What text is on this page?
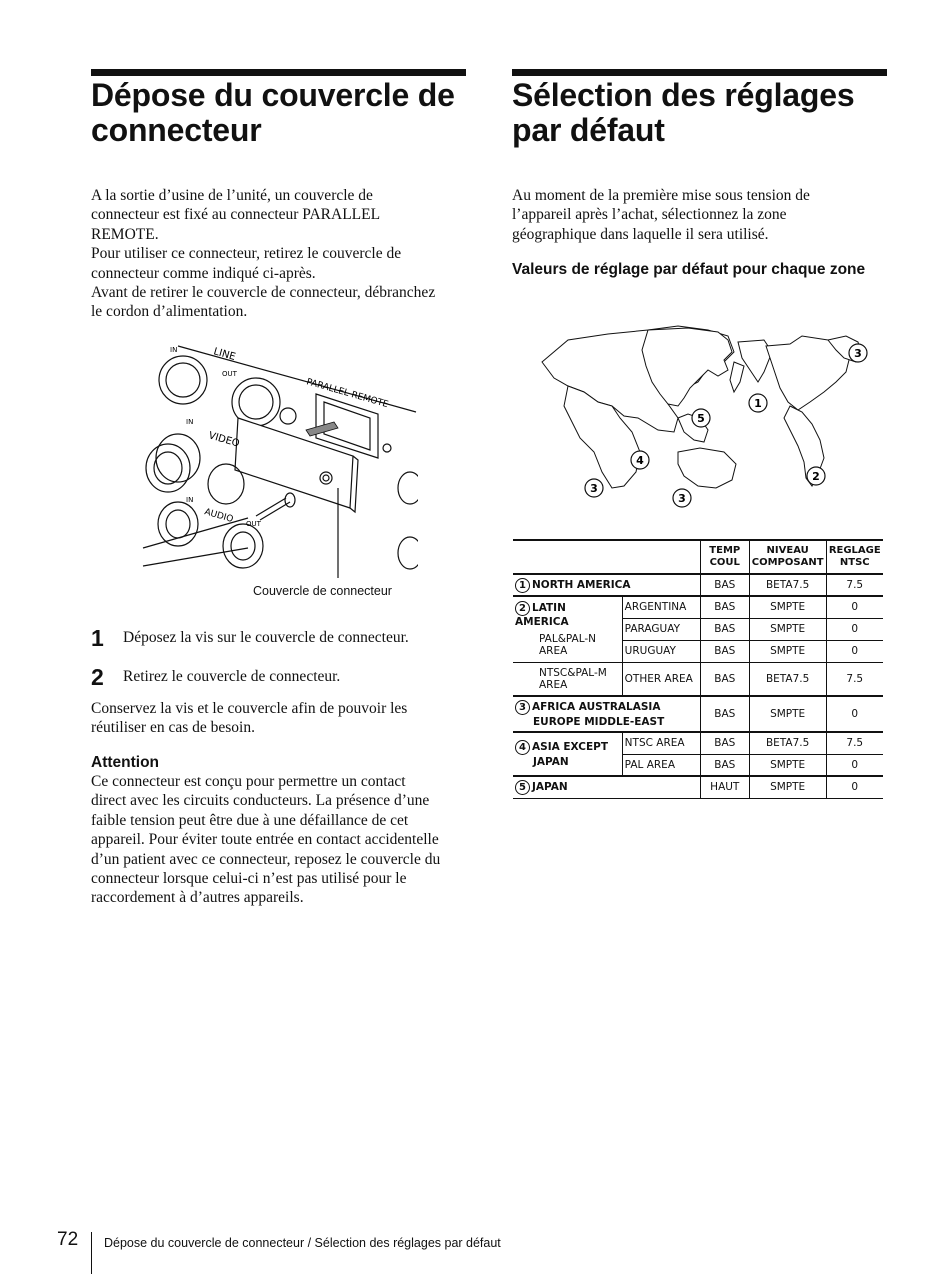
Dépose du couvercle de connecteur
A la sortie d’usine de l’unité, un couvercle de
connecteur est fixé au connecteur PARALLEL
REMOTE.
Pour utiliser ce connecteur, retirez le couvercle de
connecteur comme indiqué ci-après.
Avant de retirer le couvercle de connecteur, débranchez
le cordon d’alimentation.
LINE
IN
OUT
PARALLEL REMOTE
VIDEO
IN
AUDIO
IN
OUT
Couvercle de connecteur
1 Déposez la vis sur le couvercle de connecteur.
2 Retirez le couvercle de connecteur.
Conservez la vis et le couvercle afin de pouvoir les
réutiliser en cas de besoin.
Attention
Ce connecteur est conçu pour permettre un contact
direct avec les circuits conducteurs. La présence d’une
faible tension peut être due à une défaillance de cet
appareil. Pour éviter toute entrée en contact accidentelle
d’un patient avec ce connecteur, reposez le couvercle du
connecteur lorsque celui-ci n’est pas utilisé pour le
raccordement à d’autres appareils.
Sélection des réglages par défaut
Au moment de la première mise sous tension de
l’appareil après l’achat, sélectionnez la zone
géographique dans laquelle il sera utilisé.
Valeurs de réglage par défaut pour chaque zone
3
1
2
5
4
3
3
		TEMP COUL	NIVEAU COMPOSANT	REGLAGE NTSC
1 NORTH AMERICA		BAS	BETA7.5	7.5

2 LATIN AMERICA
PAL&PAL-N AREA	ARGENTINA	BAS	SMPTE	0
	PARAGUAY	BAS	SMPTE	0
	URUGUAY	BAS	SMPTE	0
NTSC&PAL-M AREA	OTHER AREA	BAS	BETA7.5	7.5

3 AFRICA AUSTRALASIA
EUROPE MIDDLE-EAST		BAS	SMPTE	0

4 ASIA EXCEPT
JAPAN	NTSC AREA	BAS	BETA7.5	7.5
	PAL AREA	BAS	SMPTE	0
5 JAPAN		HAUT	SMPTE	0
72 Dépose du couvercle de connecteur / Sélection des réglages par défaut
